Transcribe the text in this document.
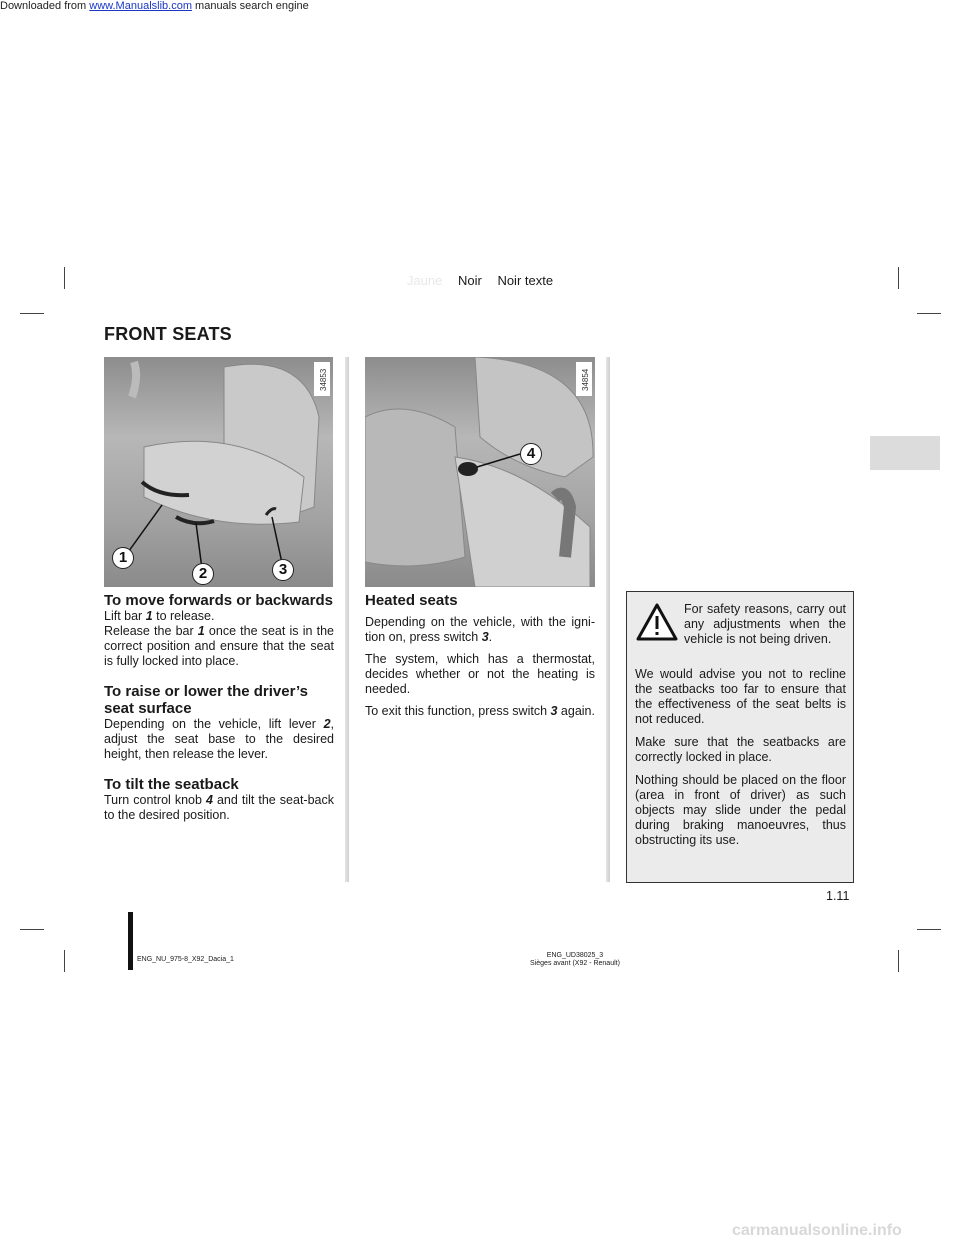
Downloaded from www.Manualslib.com manuals search engine
Jaune Noir Noir texte
FRONT SEATS
1
2	3
34853
4
34854
To move forwards or backwards

Lift bar 1 to release.

Release the bar 1 once the seat is in the correct position and ensure that the seat is fully locked into place.

To raise or lower the driver’s seat surface

Depending on the vehicle, lift lever 2, adjust the seat base to the desired height, then release the lever.

To tilt the seatback

Turn control knob 4 and tilt the seat-back to the desired position.

Heated seats

Depending on the vehicle, with the igni-tion on, press switch 3.

The system, which has a thermostat, decides whether or not the heating is needed.

To exit this function, press switch 3 again.

For safety reasons, carry out any adjustments when the vehicle is not being driven.

We would advise you not to recline the seatbacks too far to ensure that the effectiveness of the seat belts is not reduced.

Make sure that the seatbacks are correctly locked in place.

Nothing should be placed on the floor (area in front of driver) as such objects may slide under the pedal during braking manoeuvres, thus obstructing its use.

1.11
ENG_NU_975-8_X92_Dacia_1
ENG_UD38025_3
Sièges avant (X92 - Renault)
carmanualsonline.info
